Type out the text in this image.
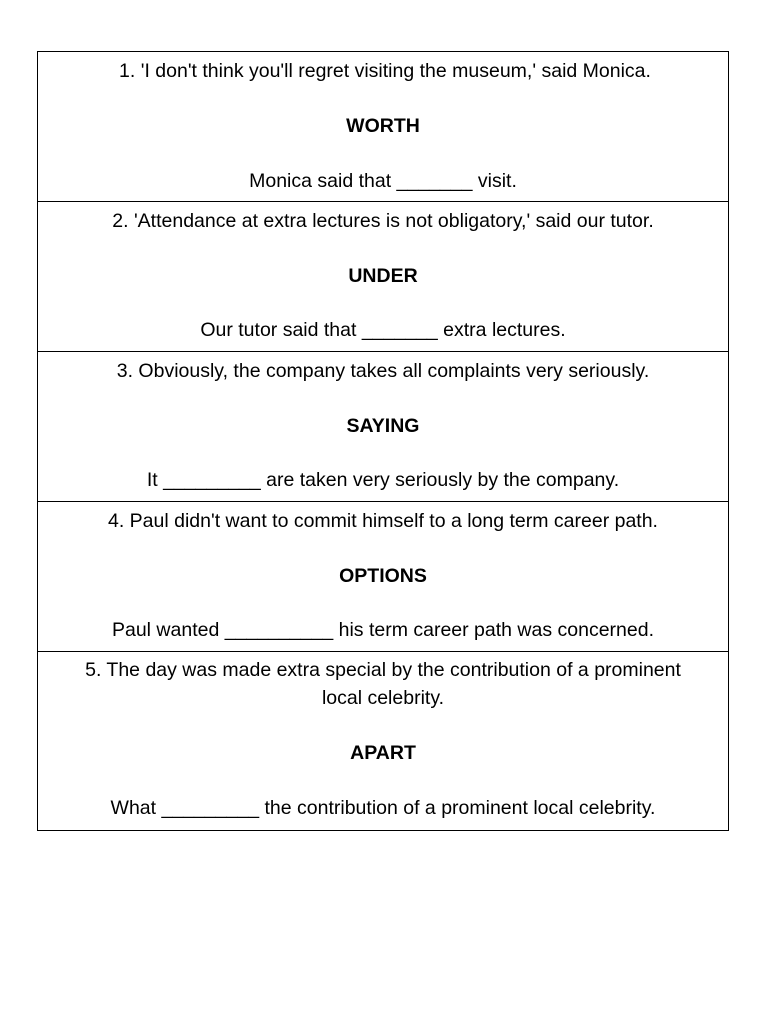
1. 'I don't think you'll regret visiting the museum,' said Monica.
WORTH
Monica said that _______ visit.
2. 'Attendance at extra lectures is not obligatory,' said our tutor.
UNDER
Our tutor said that _______ extra lectures.
3. Obviously, the company takes all complaints very seriously.
SAYING
It _________ are taken very seriously by the company.
4. Paul didn't want to commit himself to a long term career path.
OPTIONS
Paul wanted __________ his term career path was concerned.
5. The day was made extra special by the contribution of a prominent local celebrity.
APART
What _________ the contribution of a prominent local celebrity.
